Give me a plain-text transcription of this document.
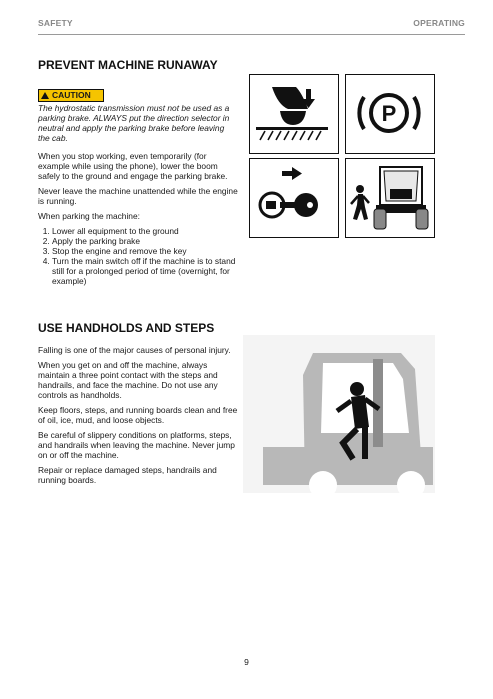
SAFETY	OPERATING
PREVENT MACHINE RUNAWAY
CAUTION

The hydrostatic transmission must not be used as a parking brake. ALWAYS put the direction selector in neutral and apply the parking brake before leaving the cab.

When you stop working, even temporarily (for example while using the phone), lower the boom safely to the ground and engage the parking brake.

Never leave the machine unattended while the engine is running.

When parking the machine:

1. Lower all equipment to the ground
2. Apply the parking brake
3. Stop the engine and remove the key
4. Turn the main switch off if the machine is to stand still for a prolonged period of time (overnight, for example)
P
USE HANDHOLDS AND STEPS

Falling is one of the major causes of personal injury.

When you get on and off the machine, always maintain a three point contact with the steps and handrails, and face the machine. Do not use any controls as handholds.

Keep floors, steps, and running boards clean and free of oil, ice, mud, and loose objects.

Be careful of slippery conditions on platforms, steps, and handrails when leaving the machine. Never jump on or off the machine.

Repair or replace damaged steps, handrails and running boards.

9
